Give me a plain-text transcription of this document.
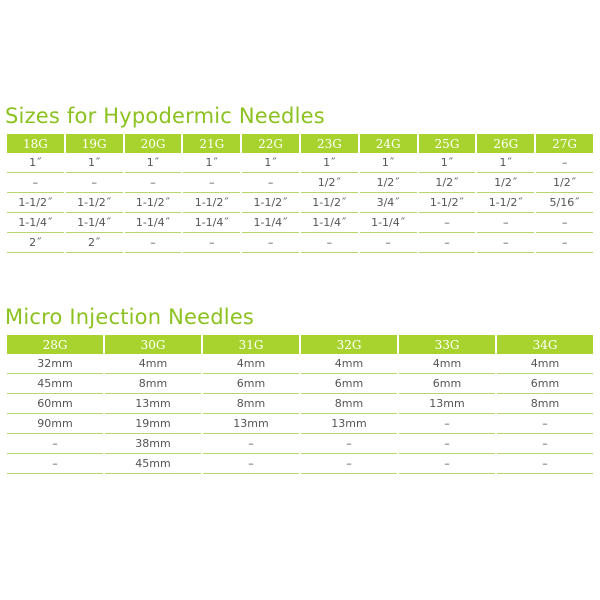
Sizes for Hypodermic Needles
18G	19G	20G	21G	22G	23G	24G	25G	26G	27G
1˝	1˝	1˝	1˝	1˝	1˝	1˝	1˝	1˝	–
–	–	–	–	–	1/2˝	1/2˝	1/2˝	1/2˝	1/2˝
1-1/2˝	1-1/2˝	1-1/2˝	1-1/2˝	1-1/2˝	1-1/2˝	3/4˝	1-1/2˝	1-1/2˝	5/16˝
1-1/4˝	1-1/4˝	1-1/4˝	1-1/4˝	1-1/4˝	1-1/4˝	1-1/4˝	–	–	–
2˝	2˝	–	–	–	–	–	–	–	–
Micro Injection Needles
28G	30G	31G	32G	33G	34G
32mm	4mm	4mm	4mm	4mm	4mm
45mm	8mm	6mm	6mm	6mm	6mm
60mm	13mm	8mm	8mm	13mm	8mm
90mm	19mm	13mm	13mm	–	–
–	38mm	–	–	–	–
–	45mm	–	–	–	–
